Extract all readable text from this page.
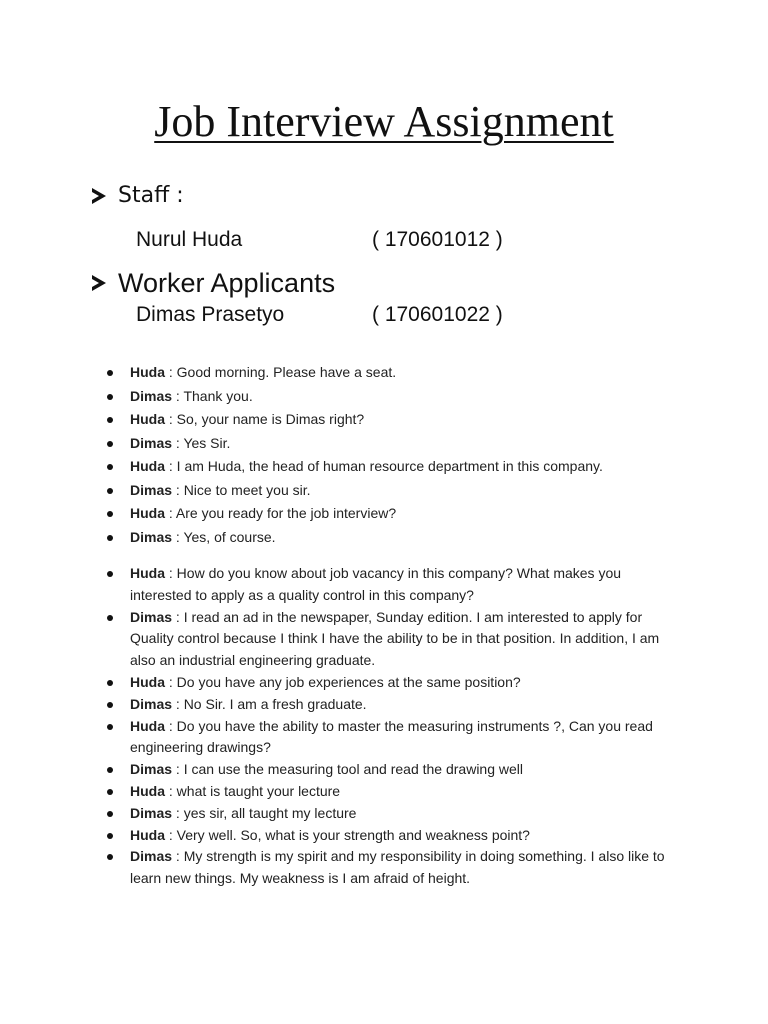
Job Interview Assignment
Staff :
Nurul Huda	( 170601012 )
Worker Applicants
Dimas Prasetyo	( 170601022 )
Huda : Good morning. Please have a seat.
Dimas : Thank you.
Huda : So, your name is Dimas right?
Dimas : Yes Sir.
Huda : I am Huda, the head of human resource department in this company.
Dimas : Nice to meet you sir.
Huda : Are you ready for the job interview?
Dimas : Yes, of course.
Huda : How do you know about job vacancy in this company? What makes you interested to apply as a quality control in this company?
Dimas : I read an ad in the newspaper, Sunday edition. I am interested to apply for Quality control because I think I have the ability to be in that position. In addition, I am also an industrial engineering graduate.
Huda : Do you have any job experiences at the same position?
Dimas : No Sir. I am a fresh graduate.
Huda : Do you have the ability to master the measuring instruments ?, Can you read engineering drawings?
Dimas : I can use the measuring tool and read the drawing well
Huda : what is taught your lecture
Dimas : yes sir, all taught my lecture
Huda : Very well. So, what is your strength and weakness point?
Dimas : My strength is my spirit and my responsibility in doing something. I also like to learn new things. My weakness is I am afraid of height.
